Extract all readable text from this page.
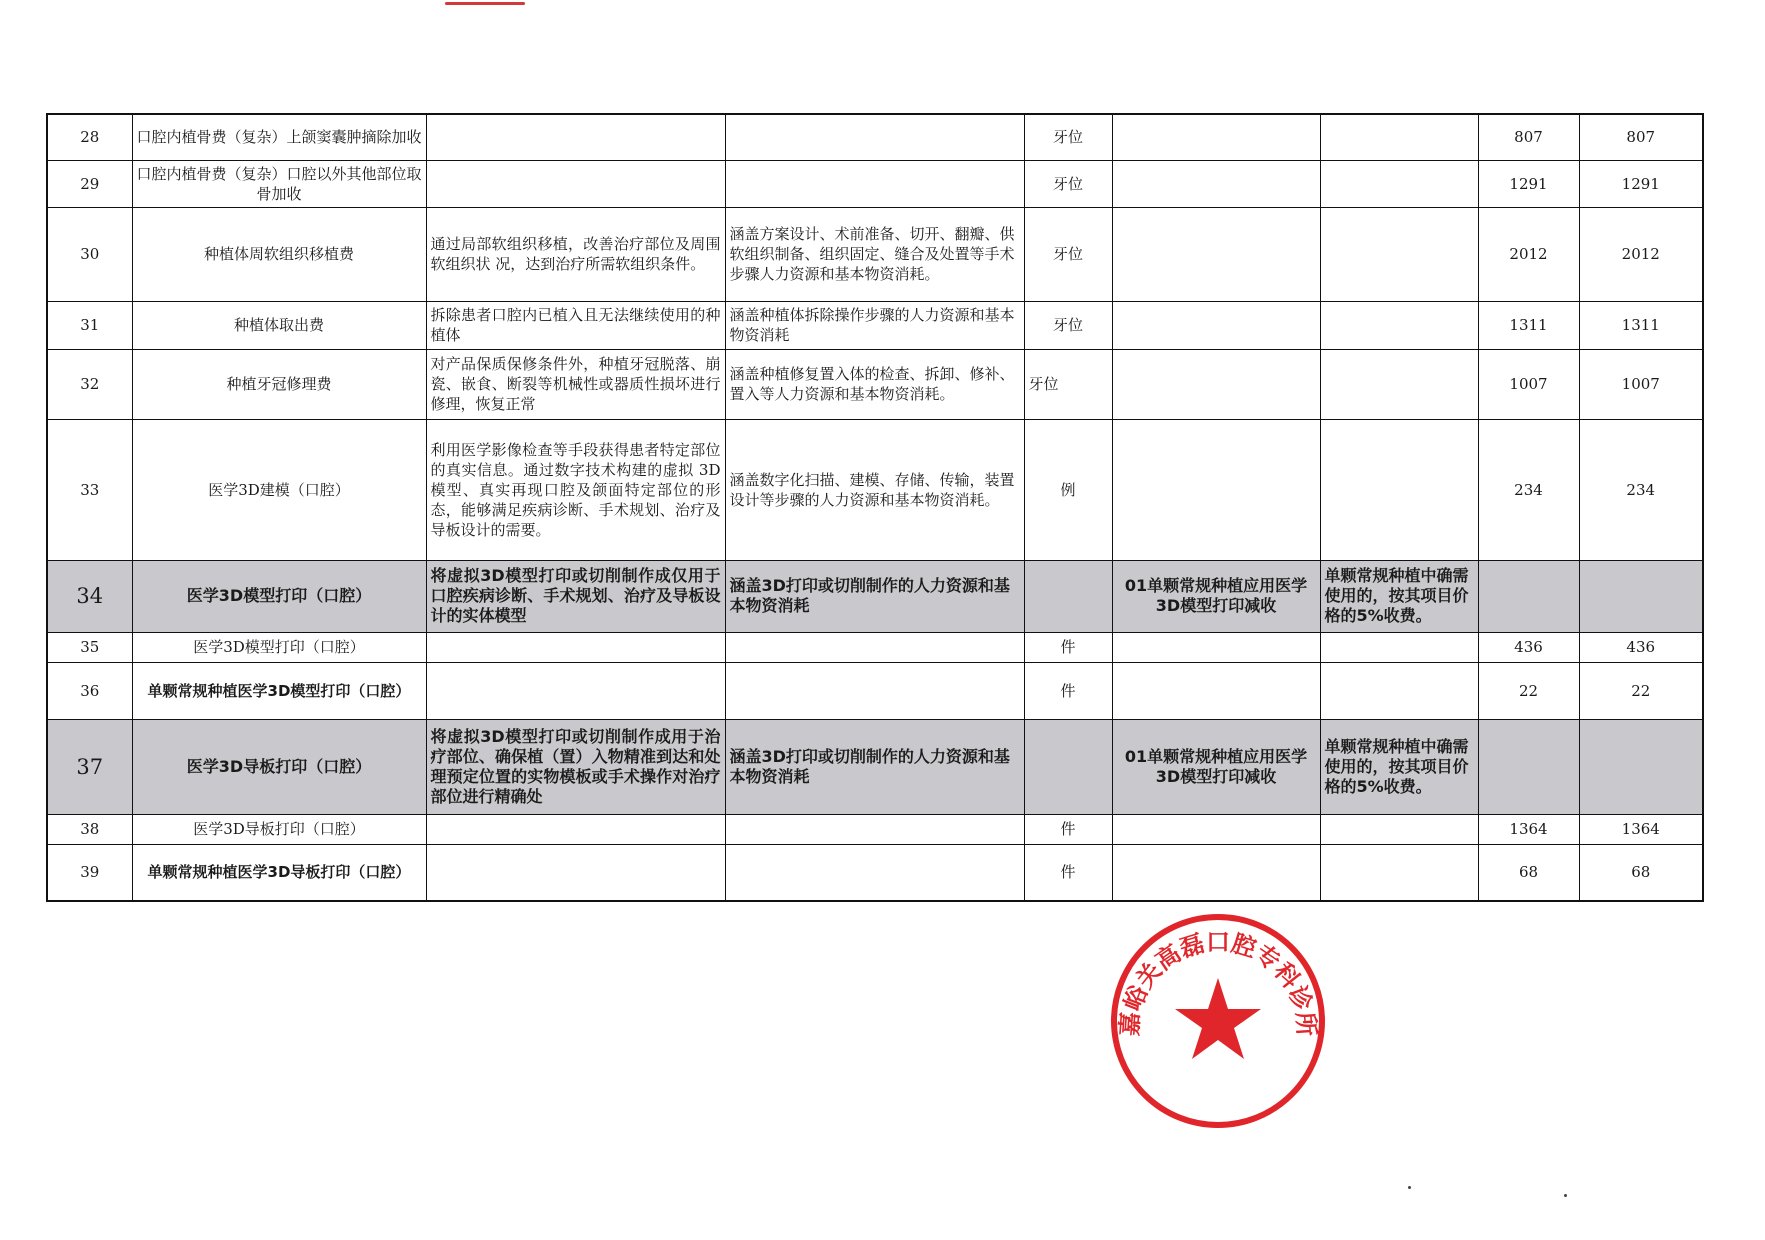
28	口腔内植骨费（复杂）上颌窦囊肿摘除加收			牙位			807	807
29	口腔内植骨费（复杂）口腔以外其他部位取骨加收			牙位			1291	1291
30	种植体周软组织移植费	通过局部软组织移植，改善治疗部位及周围软组织状 况，达到治疗所需软组织条件。	涵盖方案设计、术前准备、切开、翻瓣、供软组织制备、组织固定、缝合及处置等手术步骤人力资源和基本物资消耗。	牙位			2012	2012
31	种植体取出费	拆除患者口腔内已植入且无法继续使用的种植体	涵盖种植体拆除操作步骤的人力资源和基本物资消耗	牙位			1311	1311
32	种植牙冠修理费	对产品保质保修条件外，种植牙冠脱落、崩瓷、嵌食、断裂等机械性或器质性损坏进行修理，恢复正常	涵盖种植修复置入体的检查、拆卸、修补、置入等人力资源和基本物资消耗。	牙位			1007	1007
33	医学3D建模（口腔）	利用医学影像检查等手段获得患者特定部位的真实信息。通过数字技术构建的虚拟 3D模型、真实再现口腔及颌面特定部位的形态，能够满足疾病诊断、手术规划、治疗及导板设计的需要。	涵盖数字化扫描、建模、存储、传输，装置设计等步骤的人力资源和基本物资消耗。	例			234	234
34	医学3D模型打印（口腔）	将虚拟3D模型打印或切削制作成仅用于口腔疾病诊断、手术规划、治疗及导板设计的实体模型	涵盖3D打印或切削制作的人力资源和基本物资消耗		01单颗常规种植应用医学3D模型打印减收	单颗常规种植中确需使用的，按其项目价格的5%收费。		
35	医学3D模型打印（口腔）			件			436	436
36	单颗常规种植医学3D模型打印（口腔）			件			22	22
37	医学3D导板打印（口腔）	将虚拟3D模型打印或切削制作成用于治疗部位、确保植（置）入物精准到达和处理预定位置的实物模板或手术操作对治疗部位进行精确处	涵盖3D打印或切削制作的人力资源和基本物资消耗		01单颗常规种植应用医学3D模型打印减收	单颗常规种植中确需使用的，按其项目价格的5%收费。		
38	医学3D导板打印（口腔）			件			1364	1364
39	单颗常规种植医学3D导板打印（口腔）			件			68	68
嘉峪关高磊口腔专科诊所
